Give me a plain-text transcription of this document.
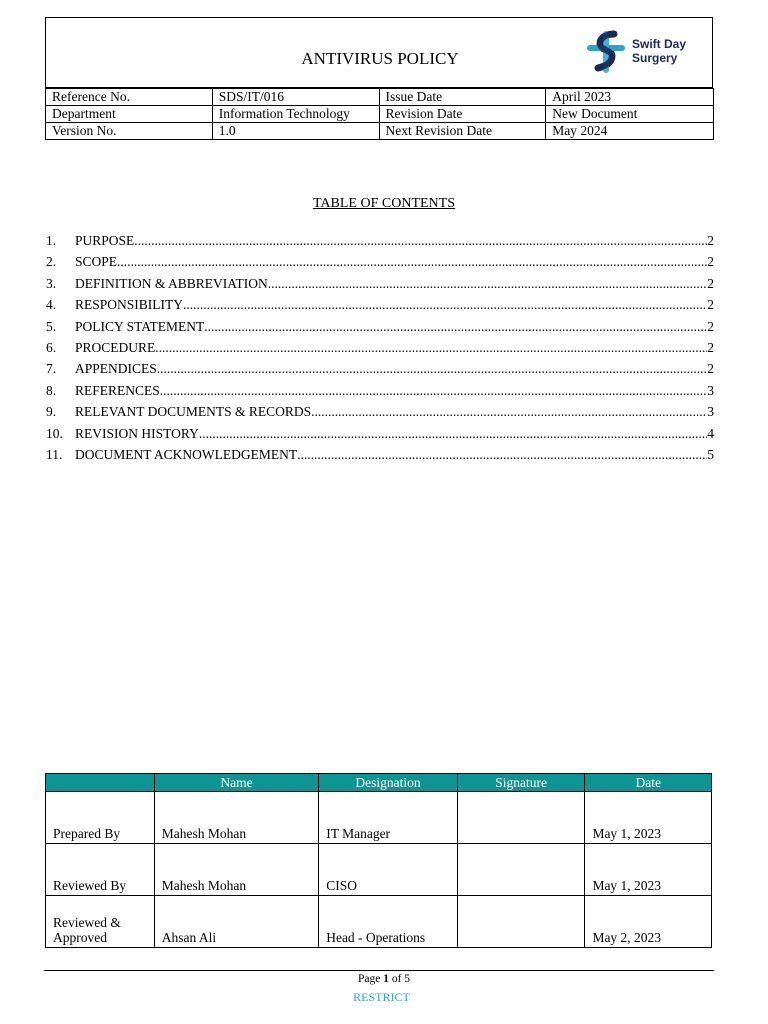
ANTIVIRUS POLICY
Swift Day
Surgery
Reference No.	SDS/IT/016	Issue Date	April 2023
Department	Information Technology	Revision Date	New Document
Version No.	1.0	Next Revision Date	May 2024
TABLE OF CONTENTS
1.	PURPOSE .....	2
2.	SCOPE .....	2
3.	DEFINITION & ABBREVIATION .....	2
4.	RESPONSIBILITY .....	2
5.	POLICY STATEMENT .....	2
6.	PROCEDURE .....	2
7.	APPENDICES .....	2
8.	REFERENCES .....	3
9.	RELEVANT DOCUMENTS & RECORDS .....	3
10. REVISION HISTORY .....	4
11. DOCUMENT ACKNOWLEDGEMENT .....	5
	Name	Designation	Signature	Date
Prepared By	Mahesh Mohan	IT Manager		May 1, 2023
Reviewed By	Mahesh Mohan	CISO		May 1, 2023
Reviewed & Approved	Ahsan Ali	Head - Operations		May 2, 2023
Page 1 of 5
RESTRICT
